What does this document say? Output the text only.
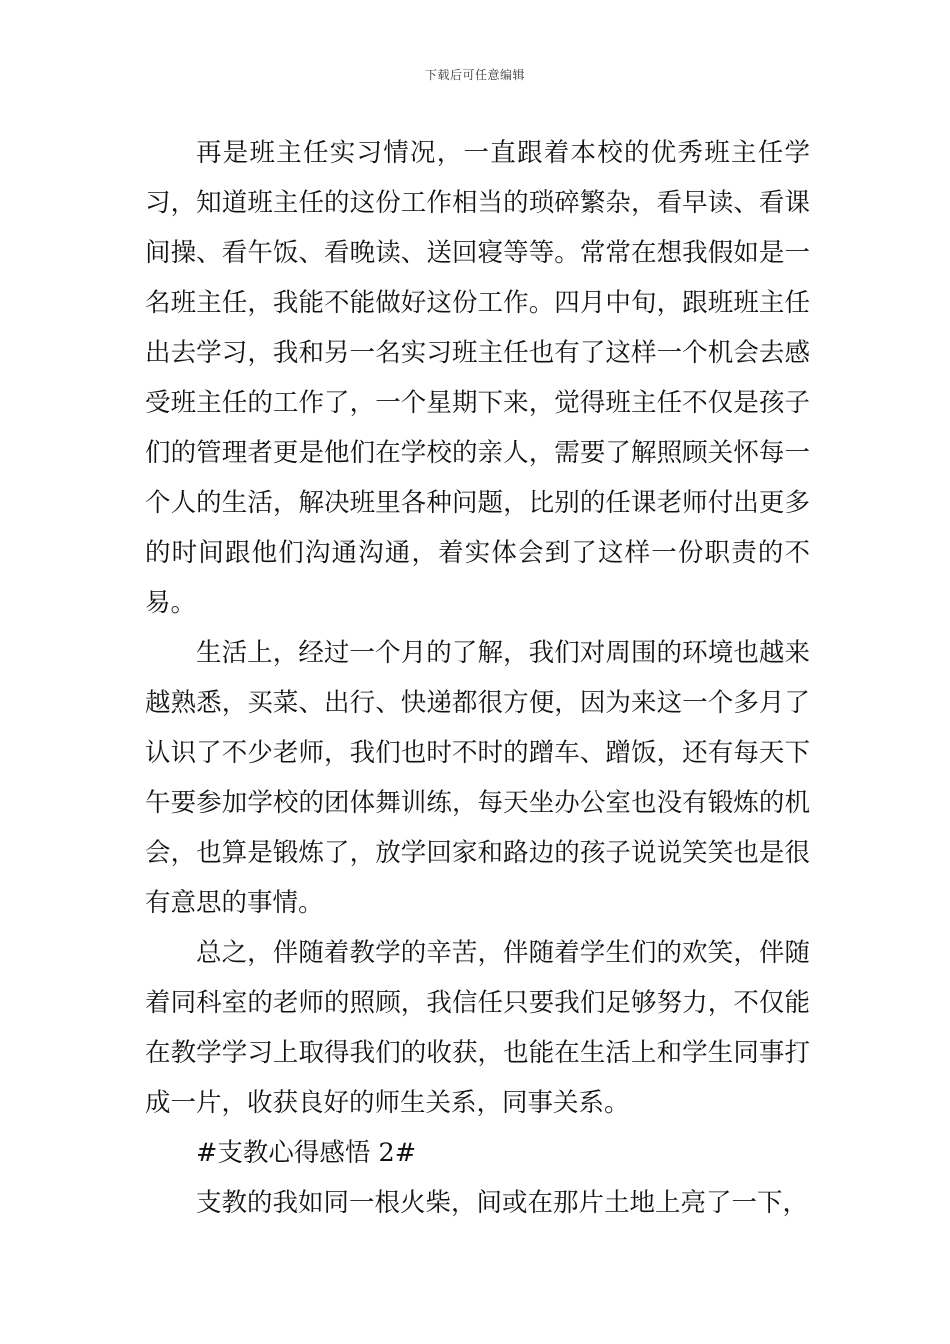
下载后可任意编辑

再是班主任实习情况，一直跟着本校的优秀班主任学习，知道班主任的这份工作相当的琐碎繁杂，看早读、看课间操、看午饭、看晚读、送回寝等等。常常在想我假如是一名班主任，我能不能做好这份工作。四月中旬，跟班班主任出去学习，我和另一名实习班主任也有了这样一个机会去感受班主任的工作了，一个星期下来，觉得班主任不仅是孩子们的管理者更是他们在学校的亲人，需要了解照顾关怀每一个人的生活，解决班里各种问题，比别的任课老师付出更多的时间跟他们沟通沟通，着实体会到了这样一份职责的不易。

生活上，经过一个月的了解，我们对周围的环境也越来越熟悉，买菜、出行、快递都很方便，因为来这一个多月了认识了不少老师，我们也时不时的蹭车、蹭饭，还有每天下午要参加学校的团体舞训练，每天坐办公室也没有锻炼的机会，也算是锻炼了，放学回家和路边的孩子说说笑笑也是很有意思的事情。

总之，伴随着教学的辛苦，伴随着学生们的欢笑，伴随着同科室的老师的照顾，我信任只要我们足够努力，不仅能在教学学习上取得我们的收获，也能在生活上和学生同事打成一片，收获良好的师生关系，同事关系。

#支教心得感悟 2#

支教的我如同一根火柴，间或在那片土地上亮了一下，
